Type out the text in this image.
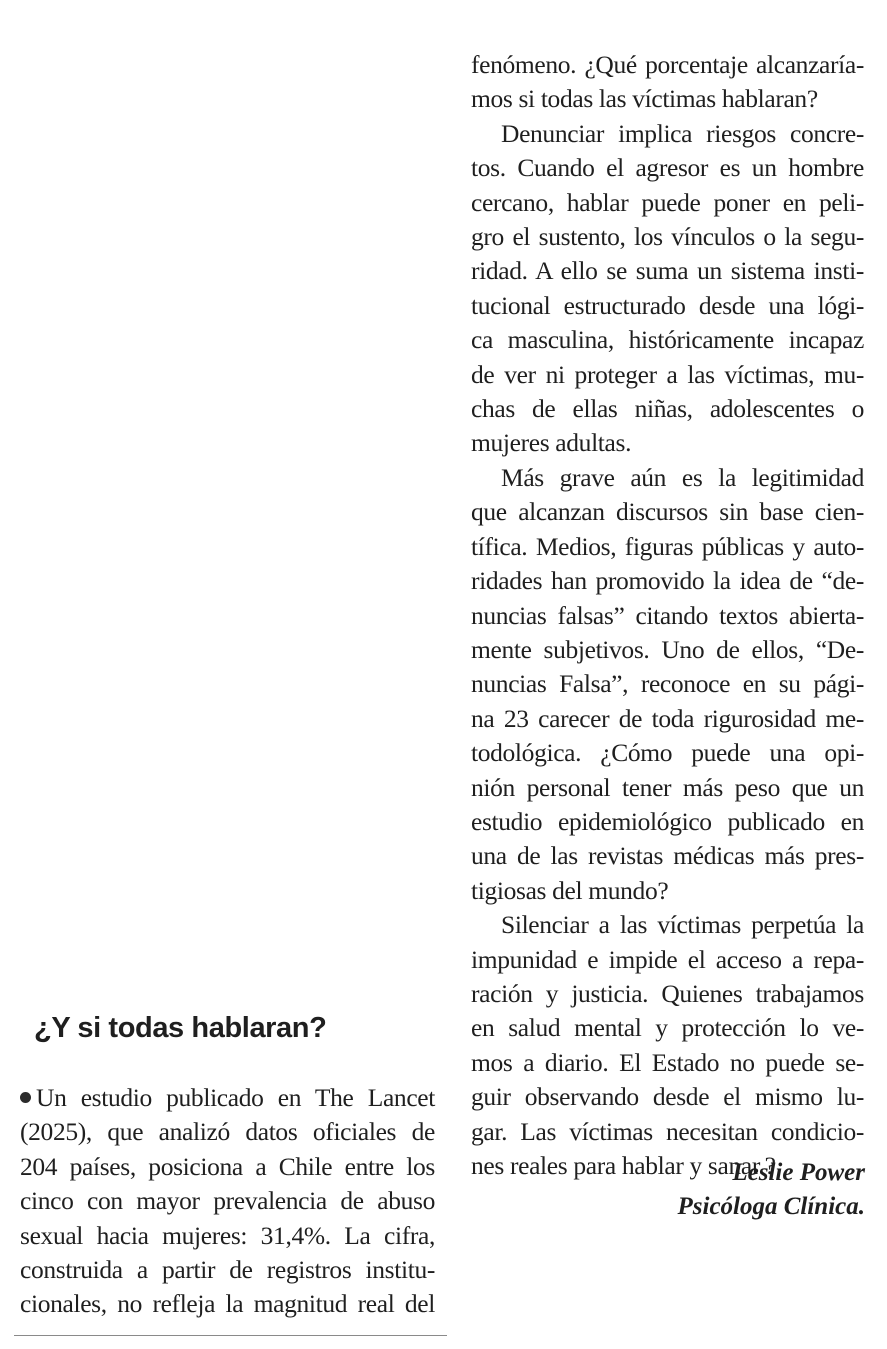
fenómeno. ¿Qué porcentaje alcanzaría-
mos si todas las víctimas hablaran?
Denunciar implica riesgos concre-
tos. Cuando el agresor es un hombre
cercano, hablar puede poner en peli-
gro el sustento, los vínculos o la segu-
ridad. A ello se suma un sistema insti-
tucional estructurado desde una lógi-
ca masculina, históricamente incapaz
de ver ni proteger a las víctimas, mu-
chas de ellas niñas, adolescentes o
mujeres adultas.
Más grave aún es la legitimidad
que alcanzan discursos sin base cien-
tífica. Medios, figuras públicas y auto-
ridades han promovido la idea de “de-
nuncias falsas” citando textos abierta-
mente subjetivos. Uno de ellos, “De-
nuncias Falsa”, reconoce en su pági-
na 23 carecer de toda rigurosidad me-
todológica. ¿Cómo puede una opi-
nión personal tener más peso que un
estudio epidemiológico publicado en
una de las revistas médicas más pres-
tigiosas del mundo?
Silenciar a las víctimas perpetúa la
impunidad e impide el acceso a repa-
ración y justicia. Quienes trabajamos
en salud mental y protección lo ve-
mos a diario. El Estado no puede se-
guir observando desde el mismo lu-
gar. Las víctimas necesitan condicio-
nes reales para hablar y sanar.?
¿Y si todas hablaran?
Un estudio publicado en The Lancet
(2025), que analizó datos oficiales de
204 países, posiciona a Chile entre los
cinco con mayor prevalencia de abuso
sexual hacia mujeres: 31,4%. La cifra,
construida a partir de registros institu-
cionales, no refleja la magnitud real del
Leslie Power
Psicóloga Clínica.
